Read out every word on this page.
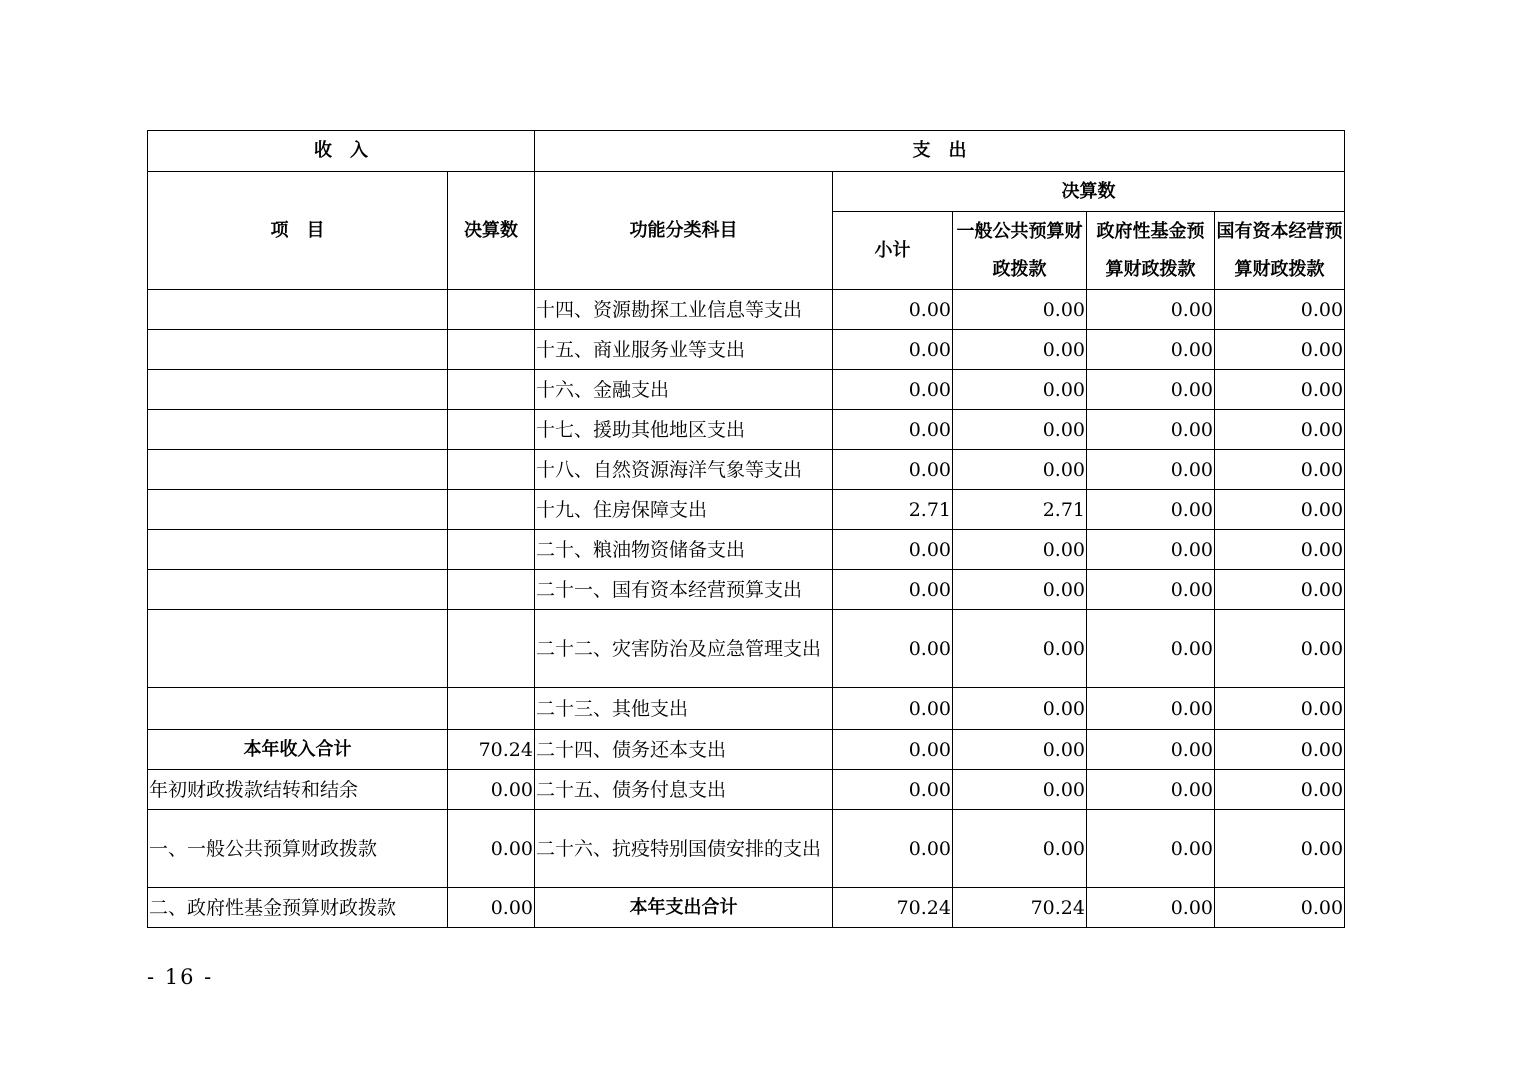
收　入		支　出				
项　目	决算数	功能分类科目	决算数			
			小计	一般公共预算财政拨款	政府性基金预算财政拨款	国有资本经营预算财政拨款
		十四、资源勘探工业信息等支出	0.00	0.00	0.00	0.00
		十五、商业服务业等支出	0.00	0.00	0.00	0.00
		十六、金融支出	0.00	0.00	0.00	0.00
		十七、援助其他地区支出	0.00	0.00	0.00	0.00
		十八、自然资源海洋气象等支出	0.00	0.00	0.00	0.00
		十九、住房保障支出	2.71	2.71	0.00	0.00
		二十、粮油物资储备支出	0.00	0.00	0.00	0.00
		二十一、国有资本经营预算支出	0.00	0.00	0.00	0.00
		二十二、灾害防治及应急管理支出	0.00	0.00	0.00	0.00
		二十三、其他支出	0.00	0.00	0.00	0.00
本年收入合计	70.24	二十四、债务还本支出	0.00	0.00	0.00	0.00
年初财政拨款结转和结余	0.00	二十五、债务付息支出	0.00	0.00	0.00	0.00
一、一般公共预算财政拨款	0.00	二十六、抗疫特别国债安排的支出	0.00	0.00	0.00	0.00
二、政府性基金预算财政拨款	0.00	本年支出合计	70.24	70.24	0.00	0.00
- 16 -
